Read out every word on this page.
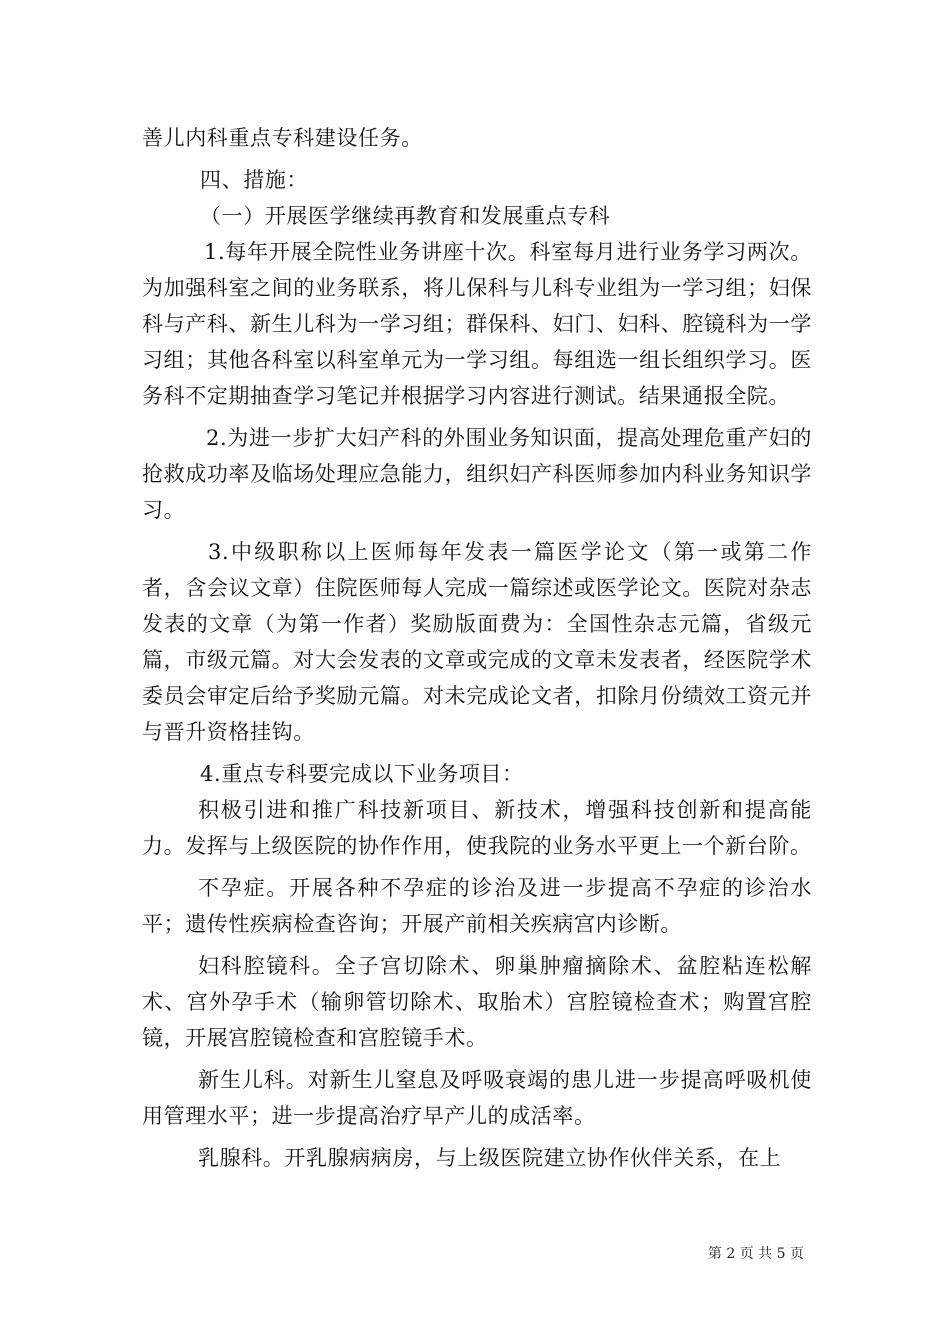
善儿内科重点专科建设任务。

四、措施：

（一）开展医学继续再教育和发展重点专科

1.每年开展全院性业务讲座十次。科室每月进行业务学习两次。为加强科室之间的业务联系，将儿保科与儿科专业组为一学习组；妇保科与产科、新生儿科为一学习组；群保科、妇门、妇科、腔镜科为一学习组；其他各科室以科室单元为一学习组。每组选一组长组织学习。医务科不定期抽查学习笔记并根据学习内容进行测试。结果通报全院。

2.为进一步扩大妇产科的外围业务知识面，提高处理危重产妇的抢救成功率及临场处理应急能力，组织妇产科医师参加内科业务知识学习。

3.中级职称以上医师每年发表一篇医学论文（第一或第二作者，含会议文章）住院医师每人完成一篇综述或医学论文。医院对杂志发表的文章（为第一作者）奖励版面费为：全国性杂志元篇，省级元篇，市级元篇。对大会发表的文章或完成的文章未发表者，经医院学术委员会审定后给予奖励元篇。对未完成论文者，扣除月份绩效工资元并与晋升资格挂钩。

4.重点专科要完成以下业务项目：

积极引进和推广科技新项目、新技术，增强科技创新和提高能力。发挥与上级医院的协作作用，使我院的业务水平更上一个新台阶。

不孕症。开展各种不孕症的诊治及进一步提高不孕症的诊治水平；遗传性疾病检查咨询；开展产前相关疾病宫内诊断。

妇科腔镜科。全子宫切除术、卵巢肿瘤摘除术、盆腔粘连松解术、宫外孕手术（输卵管切除术、取胎术）宫腔镜检查术；购置宫腔镜，开展宫腔镜检查和宫腔镜手术。

新生儿科。对新生儿窒息及呼吸衰竭的患儿进一步提高呼吸机使用管理水平；进一步提高治疗早产儿的成活率。

乳腺科。开乳腺病病房，与上级医院建立协作伙伴关系，在上

第 2 页 共 5 页
